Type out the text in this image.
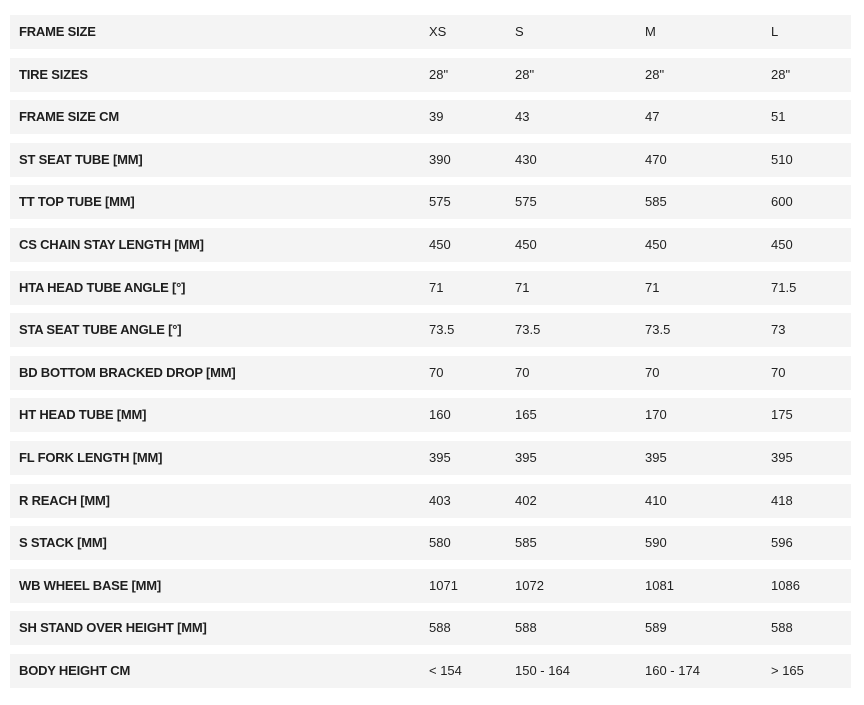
FRAME SIZE	XS	S	M	L
TIRE SIZES	28"	28"	28"	28"
FRAME SIZE CM	39	43	47	51
ST SEAT TUBE [MM]	390	430	470	510
TT TOP TUBE [MM]	575	575	585	600
CS CHAIN STAY LENGTH [MM]	450	450	450	450
HTA HEAD TUBE ANGLE [°]	71	71	71	71.5
STA SEAT TUBE ANGLE [°]	73.5	73.5	73.5	73
BD BOTTOM BRACKED DROP [MM]	70	70	70	70
HT HEAD TUBE [MM]	160	165	170	175
FL FORK LENGTH [MM]	395	395	395	395
R REACH [MM]	403	402	410	418
S STACK [MM]	580	585	590	596
WB WHEEL BASE [MM]	1071	1072	1081	1086
SH STAND OVER HEIGHT [MM]	588	588	589	588
BODY HEIGHT CM	< 154	150 - 164	160 - 174	> 165
